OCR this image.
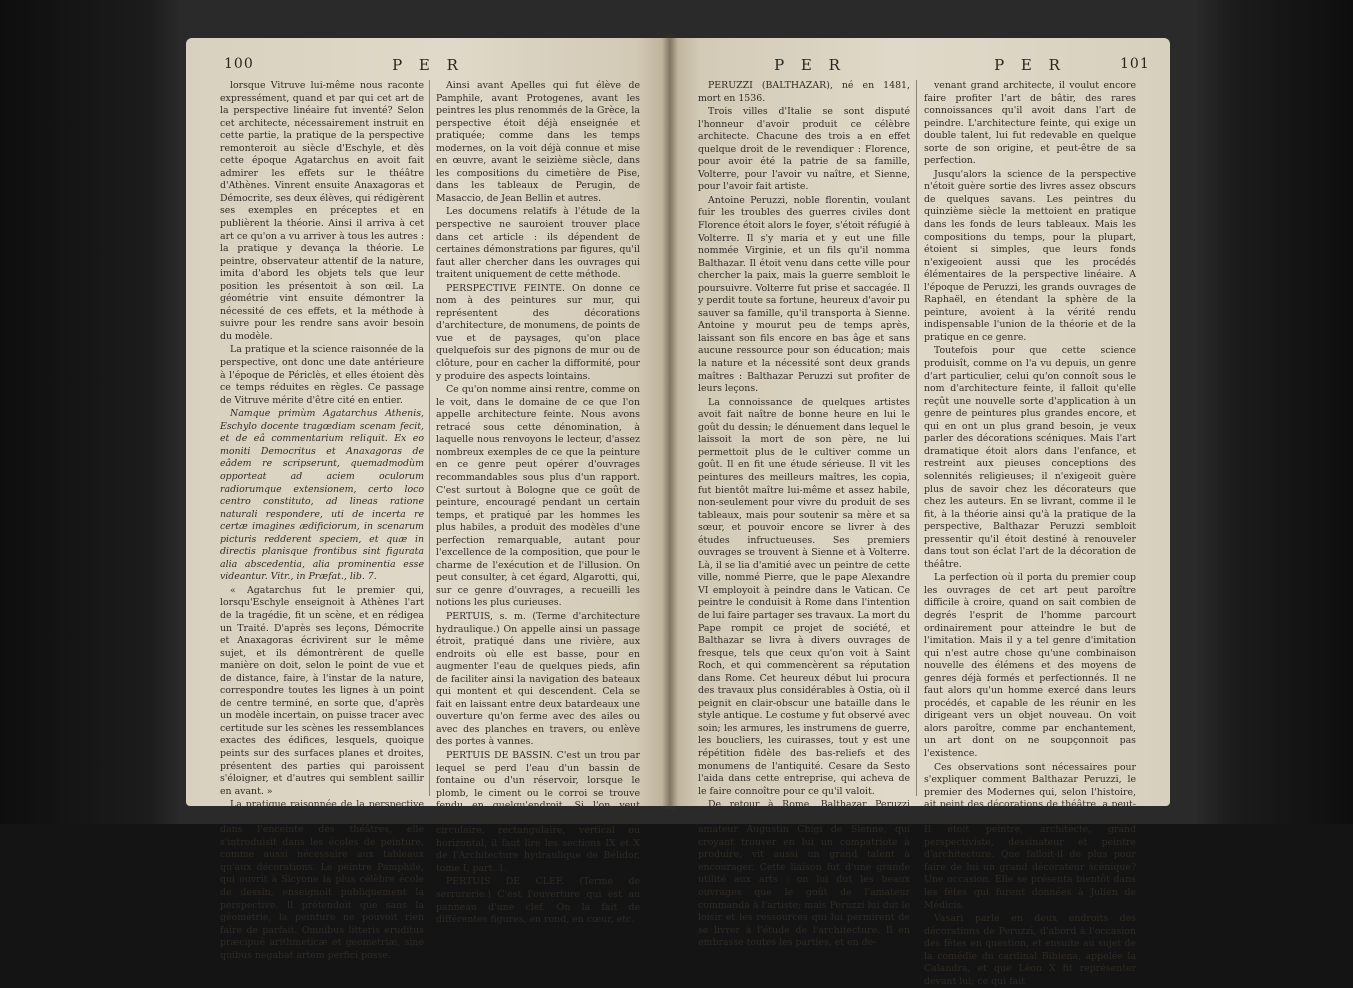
100	P E R

lorsque Vitruve lui-même nous raconte expressément, quand et par qui cet art de la perspective linéaire fut inventé? Selon cet architecte, nécessairement instruit en cette partie, la pratique de la perspective remonteroit au siècle d'Eschyle, et dès cette époque Agatarchus en avoit fait admirer les effets sur le théâtre d'Athènes. Vinrent ensuite Anaxagoras et Démocrite, ses deux élèves, qui rédigèrent ses exemples en préceptes et en publièrent la théorie. Ainsi il arriva à cet art ce qu'on a vu arriver à tous les autres : la pratique y devança la théorie. Le peintre, observateur attentif de la nature, imita d'abord les objets tels que leur position les présentoit à son œil. La géométrie vint ensuite démontrer la nécessité de ces effets, et la méthode à suivre pour les rendre sans avoir besoin du modèle.

La pratique et la science raisonnée de la perspective, ont donc une date antérieure à l'époque de Périclès, et elles étoient dès ce temps réduites en règles. Ce passage de Vitruve mérite d'être cité en entier.

Namque primùm Agatarchus Athenis, Eschylo docente tragœdiam scenam fecit, et de eâ commentarium reliquit. Ex eo moniti Democritus et Anaxagoras de eâdem re scripserunt, quemadmodùm opporteat ad aciem oculorum radiorumque extensionem, certo loco centro constituto, ad lineas ratione naturali respondere, uti de incerta re certæ imagines ædificiorum, in scenarum picturis redderent speciem, et quæ in directis planisque frontibus sint figurata alia abscedentia, alia prominentia esse videantur. Vitr., in Præfat., lib. 7.

« Agatarchus fut le premier qui, lorsqu'Eschyle enseignoit à Athènes l'art de la tragédie, fit un scène, et en rédigea un Traité. D'après ses leçons, Démocrite et Anaxagoras écrivirent sur le même sujet, et ils démontrèrent de quelle manière on doit, selon le point de vue et de distance, faire, à l'instar de la nature, correspondre toutes les lignes à un point de centre terminé, en sorte que, d'après un modèle incertain, on puisse tracer avec certitude sur les scènes les ressemblances exactes des édifices, lesquels, quoique peints sur des surfaces planes et droites, présentent des parties qui paroissent s'éloigner, et d'autres qui semblent saillir en avant. »

La pratique raisonnée de la perspective ne resta point, chez les Grecs, confinée dans l'enceinte des théâtres, elle s'introduisit dans les écoles de peinture, comme aussi nécessaire aux tableaux qu'aux décorations. Le peintre Pamphile, qui ouvrit à Sicyone la plus célèbre école de dessin, enseignoit publiquement la perspective. Il prétendoit que sans la géométrie, la peinture ne pouvoit rien faire de parfait. Omnibus litteris eruditus præcipuè arithmeticæ et geometriæ, sine quibus negabat artem perfici posse.

Ainsi avant Apelles qui fut élève de Pamphile, avant Protogenes, avant les peintres les plus renommés de la Grèce, la perspective étoit déjà enseignée et pratiquée; comme dans les temps modernes, on la voit déjà connue et mise en œuvre, avant le seizième siècle, dans les compositions du cimetière de Pise, dans les tableaux de Perugin, de Masaccio, de Jean Bellin et autres.

Les documens relatifs à l'étude de la perspective ne sauroient trouver place dans cet article : ils dépendent de certaines démonstrations par figures, qu'il faut aller chercher dans les ouvrages qui traitent uniquement de cette méthode.

PERSPECTIVE FEINTE. On donne ce nom à des peintures sur mur, qui représentent des décorations d'architecture, de monumens, de points de vue et de paysages, qu'on place quelquefois sur des pignons de mur ou de clôture, pour en cacher la difformité, pour y produire des aspects lointains.

Ce qu'on nomme ainsi rentre, comme on le voit, dans le domaine de ce que l'on appelle architecture feinte. Nous avons retracé sous cette dénomination, à laquelle nous renvoyons le lecteur, d'assez nombreux exemples de ce que la peinture en ce genre peut opérer d'ouvrages recommandables sous plus d'un rapport. C'est surtout à Bologne que ce goût de peinture, encouragé pendant un certain temps, et pratiqué par les hommes les plus habiles, a produit des modèles d'une perfection remarquable, autant pour l'excellence de la composition, que pour le charme de l'exécution et de l'illusion. On peut consulter, à cet égard, Algarotti, qui, sur ce genre d'ouvrages, a recueilli les notions les plus curieuses.

PERTUIS, s. m. (Terme d'architecture hydraulique.) On appelle ainsi un passage étroit, pratiqué dans une rivière, aux endroits où elle est basse, pour en augmenter l'eau de quelques pieds, afin de faciliter ainsi la navigation des bateaux qui montent et qui descendent. Cela se fait en laissant entre deux batardeaux une ouverture qu'on ferme avec des ailes ou avec des planches en travers, ou enlève des portes à vannes.

PERTUIS DE BASSIN. C'est un trou par lequel se perd l'eau d'un bassin de fontaine ou d'un réservoir, lorsque le plomb, le ciment ou le corroi se trouve fendu en quelqu'endroit. Si l'on veut connoître la dépense d'un pertuis carré, circulaire, rectangulaire, vertical ou horizontal, il faut lire les sections IX et X de l'Architecture hydraulique de Bélidor, tome I, part. 1.

PERTUIS DE CLEF. (Terme de serrurerie.) C'est l'ouverture qui est au panneau d'une clef. On la fait de différentes figures, en rond, en cœur, etc.

P E R	P E R	101

PERUZZI (BALTHAZAR), né en 1481, mort en 1536.

Trois villes d'Italie se sont disputé l'honneur d'avoir produit ce célèbre architecte. Chacune des trois a en effet quelque droit de le revendiquer : Florence, pour avoir été la patrie de sa famille, Volterre, pour l'avoir vu naître, et Sienne, pour l'avoir fait artiste.

Antoine Peruzzi, noble florentin, voulant fuir les troubles des guerres civiles dont Florence étoit alors le foyer, s'étoit réfugié à Volterre. Il s'y maria et y eut une fille nommée Virginie, et un fils qu'il nomma Balthazar. Il étoit venu dans cette ville pour chercher la paix, mais la guerre sembloit le poursuivre. Volterre fut prise et saccagée. Il y perdit toute sa fortune, heureux d'avoir pu sauver sa famille, qu'il transporta à Sienne. Antoine y mourut peu de temps après, laissant son fils encore en bas âge et sans aucune ressource pour son éducation; mais la nature et la nécessité sont deux grands maîtres : Balthazar Peruzzi sut profiter de leurs leçons.

La connoissance de quelques artistes avoit fait naître de bonne heure en lui le goût du dessin; le dénuement dans lequel le laissoit la mort de son père, ne lui permettoit plus de le cultiver comme un goût. Il en fit une étude sérieuse. Il vit les peintures des meilleurs maîtres, les copia, fut bientôt maître lui-même et assez habile, non-seulement pour vivre du produit de ses tableaux, mais pour soutenir sa mère et sa sœur, et pouvoir encore se livrer à des études infructueuses. Ses premiers ouvrages se trouvent à Sienne et à Volterre. Là, il se lia d'amitié avec un peintre de cette ville, nommé Pierre, que le pape Alexandre VI employoit à peindre dans le Vatican. Ce peintre le conduisit à Rome dans l'intention de lui faire partager ses travaux. La mort du Pape rompit ce projet de société, et Balthazar se livra à divers ouvrages de fresque, tels que ceux qu'on voit à Saint Roch, et qui commencèrent sa réputation dans Rome. Cet heureux début lui procura des travaux plus considérables à Ostia, où il peignit en clair-obscur une bataille dans le style antique. Le costume y fut observé avec soin; les armures, les instrumens de guerre, les boucliers, les cuirasses, tout y est une répétition fidèle des bas-reliefs et des monumens de l'antiquité. Cesare da Sesto l'aida dans cette entreprise, qui acheva de le faire connoître pour ce qu'il valoit.

De retour à Rome, Balthazar Peruzzi contracta une étroite amitié avec le célèbre amateur Augustin Chigi de Sienne, qui croyant trouver en lui un compatriote à produire, vit aussi un grand talent à encourager. Cette liaison fut d'une grande utilité aux arts : on lui dut les beaux ouvrages que le goût de l'amateur commanda à l'artiste; mais Peruzzi lui dut le loisir et les ressources qui lui permirent de se livrer à l'étude de l'architecture. Il en embrasse toutes les parties, et en de-

venant grand architecte, il voulut encore faire profiter l'art de bâtir, des rares connoissances qu'il avoit dans l'art de peindre. L'architecture feinte, qui exige un double talent, lui fut redevable en quelque sorte de son origine, et peut-être de sa perfection.

Jusqu'alors la science de la perspective n'étoit guère sortie des livres assez obscurs de quelques savans. Les peintres du quinzième siècle la mettoient en pratique dans les fonds de leurs tableaux. Mais les compositions du temps, pour la plupart, étoient si simples, que leurs fonds n'exigeoient aussi que les procédés élémentaires de la perspective linéaire. A l'époque de Peruzzi, les grands ouvrages de Raphaël, en étendant la sphère de la peinture, avoient à la vérité rendu indispensable l'union de la théorie et de la pratique en ce genre.

Toutefois pour que cette science produisît, comme on l'a vu depuis, un genre d'art particulier, celui qu'on connoît sous le nom d'architecture feinte, il falloit qu'elle reçût une nouvelle sorte d'application à un genre de peintures plus grandes encore, et qui en ont un plus grand besoin, je veux parler des décorations scéniques. Mais l'art dramatique étoit alors dans l'enfance, et restreint aux pieuses conceptions des solennités religieuses; il n'exigeoit guère plus de savoir chez les décorateurs que chez les auteurs. En se livrant, comme il le fit, à la théorie ainsi qu'à la pratique de la perspective, Balthazar Peruzzi sembloit pressentir qu'il étoit destiné à renouveler dans tout son éclat l'art de la décoration de théâtre.

La perfection où il porta du premier coup les ouvrages de cet art peut paroître difficile à croire, quand on sait combien de degrés l'esprit de l'homme parcourt ordinairement pour atteindre le but de l'imitation. Mais il y a tel genre d'imitation qui n'est autre chose qu'une combinaison nouvelle des élémens et des moyens de genres déjà formés et perfectionnés. Il ne faut alors qu'un homme exercé dans leurs procédés, et capable de les réunir en les dirigeant vers un objet nouveau. On voit alors paroître, comme par enchantement, un art dont on ne soupçonnoit pas l'existence.

Ces observations sont nécessaires pour s'expliquer comment Balthazar Peruzzi, le premier des Modernes qui, selon l'histoire, ait peint des décorations de théâtre, a peut-être été le plus habile peintre de ce genre. Il étoit peintre, architecte, grand perspectiviste, dessinateur et peintre d'architecture. Que falloit-il de plus pour faire de lui un grand décorateur scénique? Une occasion. Elle se présenta bientôt dans les fêtes qui furent données à Julien de Médicis.

Vasari parle en deux endroits des décorations de Peruzzi, d'abord à l'occasion des fêtes en question, et ensuite au sujet de la comédie du cardinal Bibiena, appelée la Calandra, et que Léon X fit représenter devant lui; ce qui fait
